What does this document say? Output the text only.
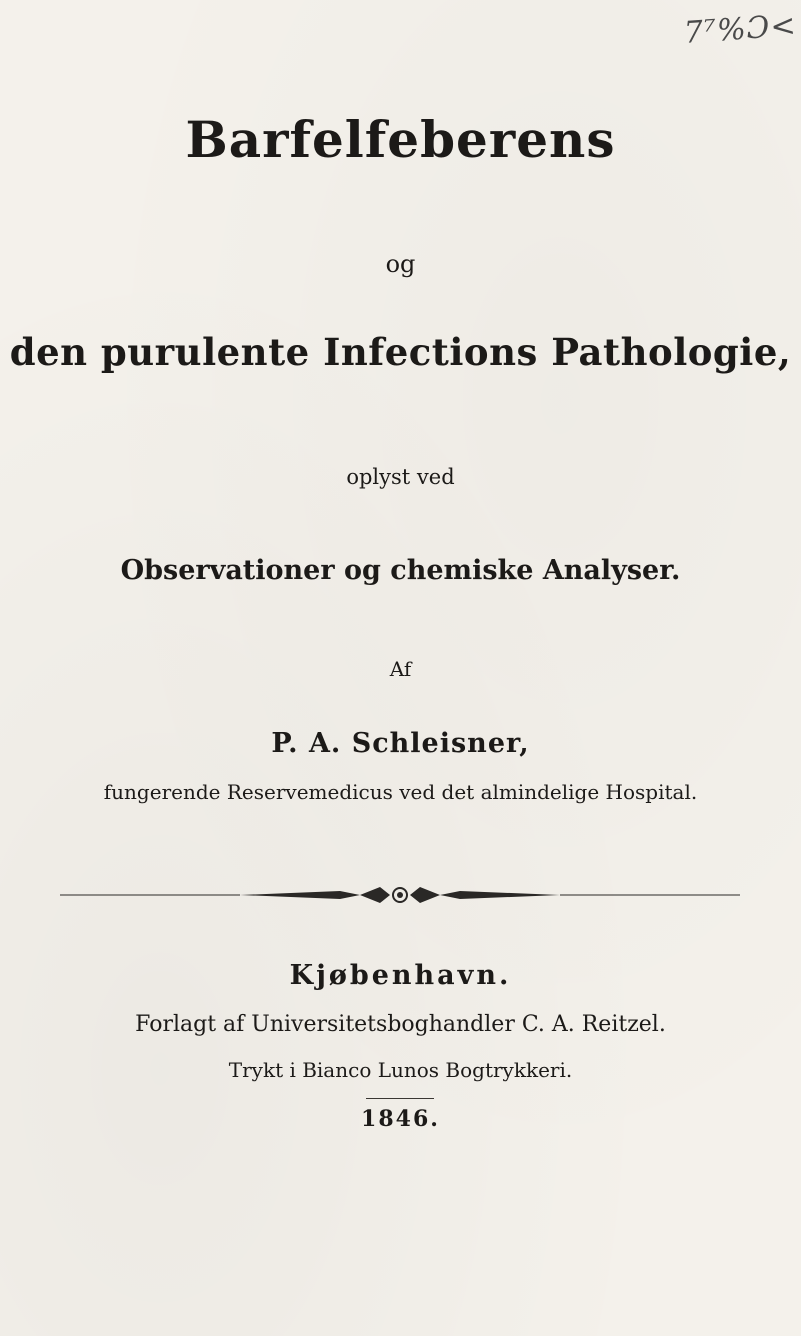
7⁷%Ɔ<
Barfelfeberens
og
den purulente Infections Pathologie,
oplyst ved
Observationer og chemiske Analyser.
Af
P. A. Schleisner,
fungerende Reservemedicus ved det almindelige Hospital.
Kjøbenhavn.
Forlagt af Universitetsboghandler C. A. Reitzel.
Trykt i Bianco Lunos Bogtrykkeri.
1846.
